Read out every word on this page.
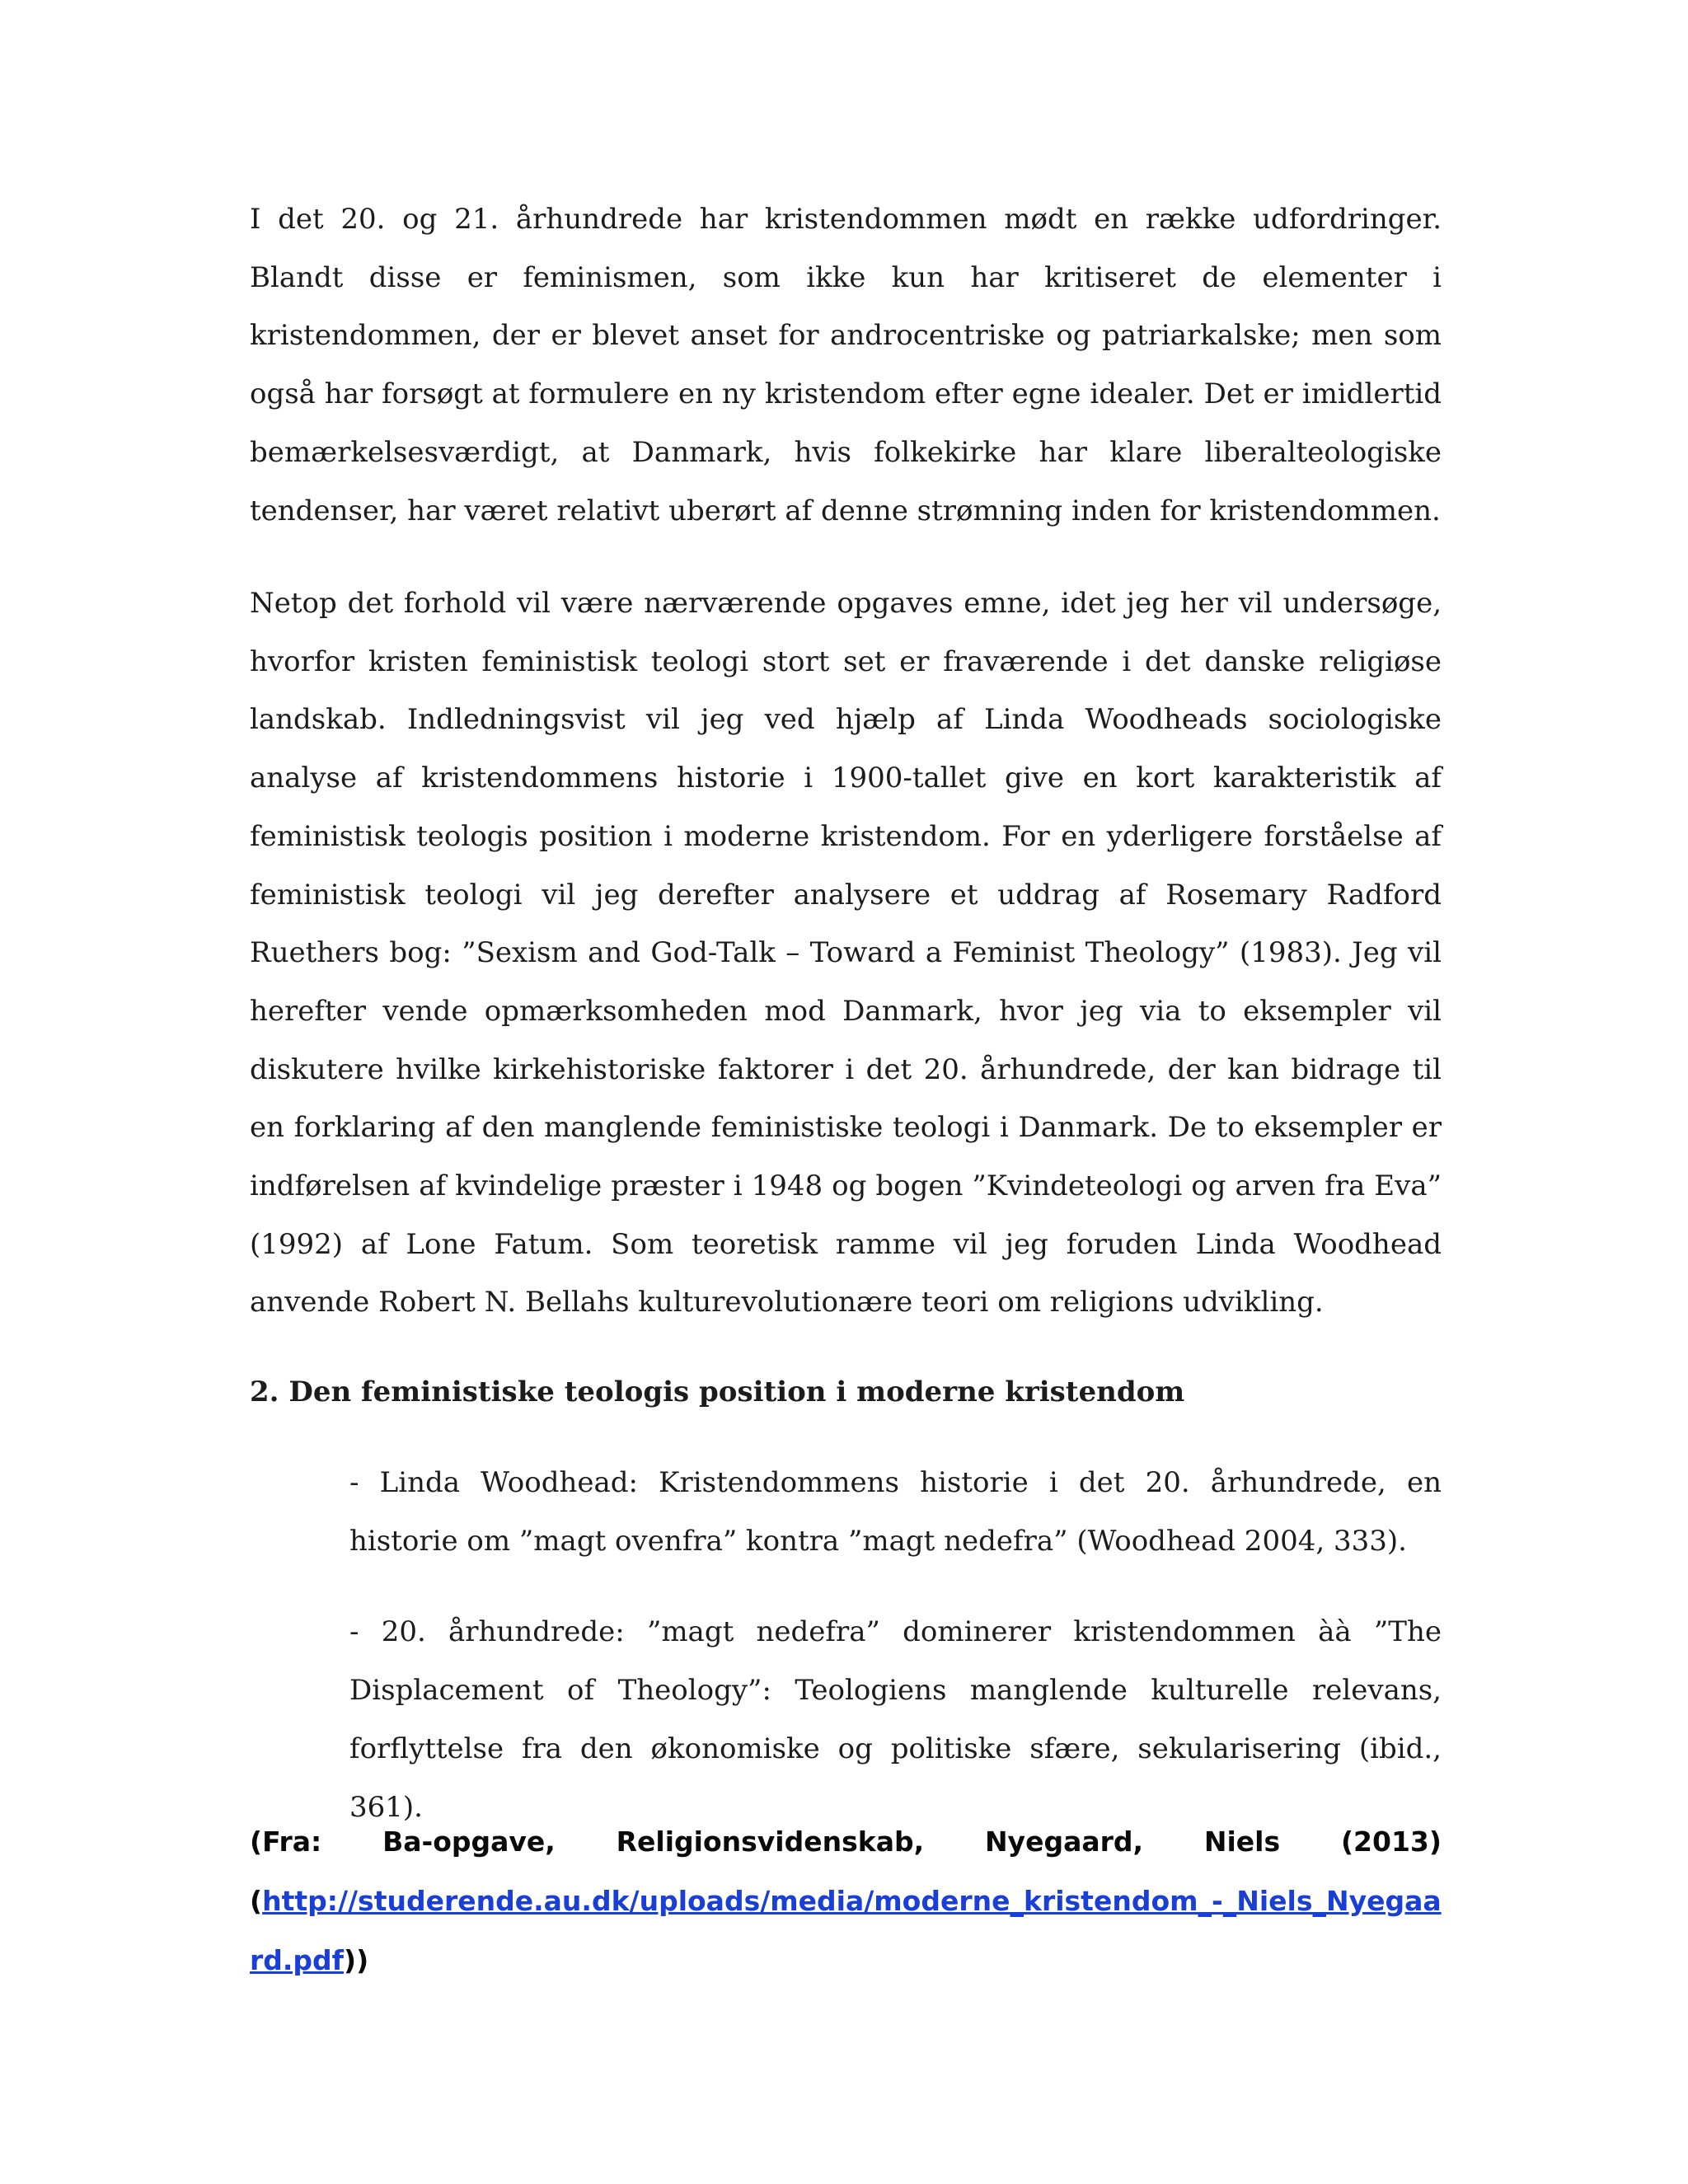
I det 20. og 21. århundrede har kristendommen mødt en række udfordringer. Blandt disse er feminismen, som ikke kun har kritiseret de elementer i kristendommen, der er blevet anset for androcentriske og patriarkalske; men som også har forsøgt at formulere en ny kristendom efter egne idealer. Det er imidlertid bemærkelsesværdigt, at Danmark, hvis folkekirke har klare liberalteologiske tendenser, har været relativt uberørt af denne strømning inden for kristendommen.

Netop det forhold vil være nærværende opgaves emne, idet jeg her vil undersøge, hvorfor kristen feministisk teologi stort set er fraværende i det danske religiøse landskab. Indledningsvist vil jeg ved hjælp af Linda Woodheads sociologiske analyse af kristendommens historie i 1900-tallet give en kort karakteristik af feministisk teologis position i moderne kristendom. For en yderligere forståelse af feministisk teologi vil jeg derefter analysere et uddrag af Rosemary Radford Ruethers bog: ”Sexism and God-Talk – Toward a Feminist Theology” (1983). Jeg vil herefter vende opmærksomheden mod Danmark, hvor jeg via to eksempler vil diskutere hvilke kirkehistoriske faktorer i det 20. århundrede, der kan bidrage til en forklaring af den manglende feministiske teologi i Danmark. De to eksempler er indførelsen af kvindelige præster i 1948 og bogen ”Kvindeteologi og arven fra Eva” (1992) af Lone Fatum. Som teoretisk ramme vil jeg foruden Linda Woodhead anvende Robert N. Bellahs kulturevolutionære teori om religions udvikling.

2. Den feministiske teologis position i moderne kristendom

- Linda Woodhead: Kristendommens historie i det 20. århundrede, en historie om ”magt ovenfra” kontra ”magt nedefra” (Woodhead 2004, 333).

- 20. århundrede: ”magt nedefra” dominerer kristendommen àà ”The Displacement of Theology”: Teologiens manglende kulturelle relevans, forflyttelse fra den økonomiske og politiske sfære, sekularisering (ibid., 361).

(Fra: Ba-opgave, Religionsvidenskab, Nyegaard, Niels (2013)
(http://studerende.au.dk/uploads/media/moderne_kristendom_-_Niels_Nyegaard.pdf))
